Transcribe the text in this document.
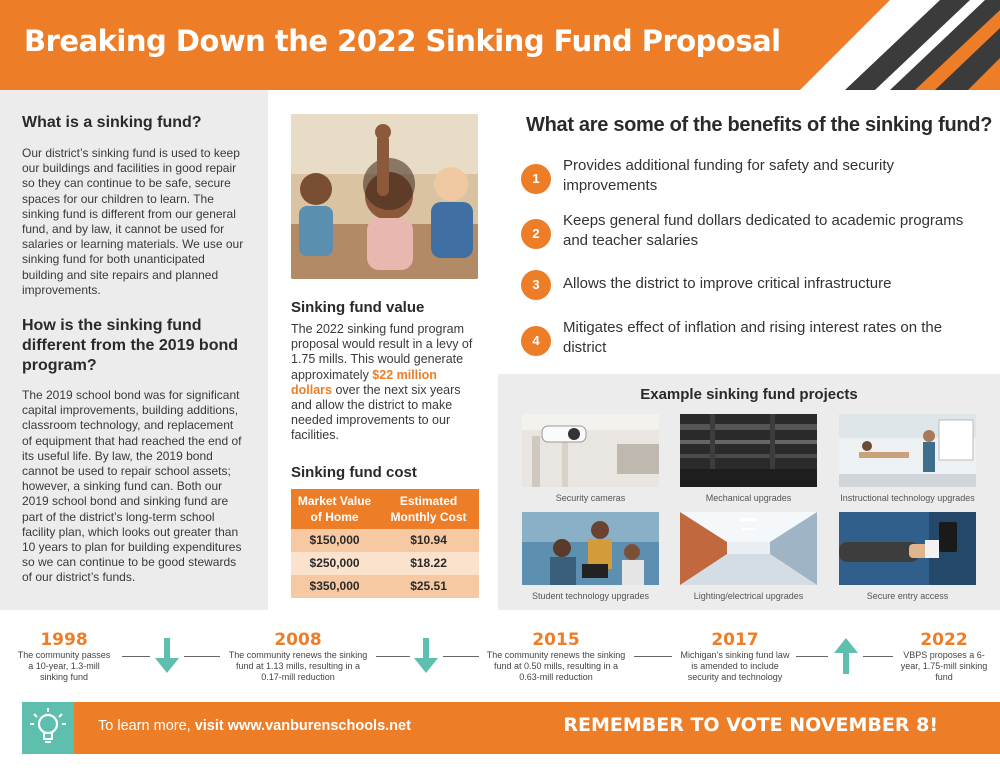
Breaking Down the 2022 Sinking Fund Proposal
What is a sinking fund?
Our district’s sinking fund is used to keep our buildings and facilities in good repair so they can continue to be safe, secure spaces for our children to learn. The sinking fund is different from our general fund, and by law, it cannot be used for salaries or learning materials. We use our sinking fund for both unanticipated building and site repairs and planned improvements.
How is the sinking fund different from the 2019 bond program?
The 2019 school bond was for significant capital improvements, building additions, classroom technology, and replacement of equipment that had reached the end of its useful life. By law, the 2019 bond cannot be used to repair school assets; however, a sinking fund can. Both our 2019 school bond and sinking fund are part of the district’s long-term school facility plan, which looks out greater than 10 years to plan for building expenditures so we can continue to be good stewards of our district’s funds.
Sinking fund value
The 2022 sinking fund program proposal would result in a levy of 1.75 mills. This would generate approximately $22 million dollars over the next six years and allow the district to make needed improvements to our facilities.
Sinking fund cost
Market Value of Home	Estimated Monthly Cost
$150,000	$10.94
$250,000	$18.22
$350,000	$25.51
What are some of the benefits of the sinking fund?
1
Provides additional funding for safety and security improvements
2
Keeps general fund dollars dedicated to academic programs and teacher salaries
3	Allows the district to improve critical infrastructure
4
Mitigates effect of inflation and rising interest rates on the district
Example sinking fund projects
Security cameras	Mechanical upgrades	Instructional technology upgrades
Student technology upgrades	Lighting/electrical upgrades	Secure entry access
1998
The community passes a 10-year, 1.3-mill sinking fund
2008
The community renews the sinking fund at 1.13 mills, resulting in a 0.17-mill reduction
2015
The community renews the sinking fund at 0.50 mills, resulting in a 0.63-mill reduction
2017
Michigan’s sinking fund law is amended to include security and technology
2022
VBPS proposes a 6-year, 1.75-mill sinking fund
To learn more, visit www.vanburenschools.net	REMEMBER TO VOTE NOVEMBER 8!
